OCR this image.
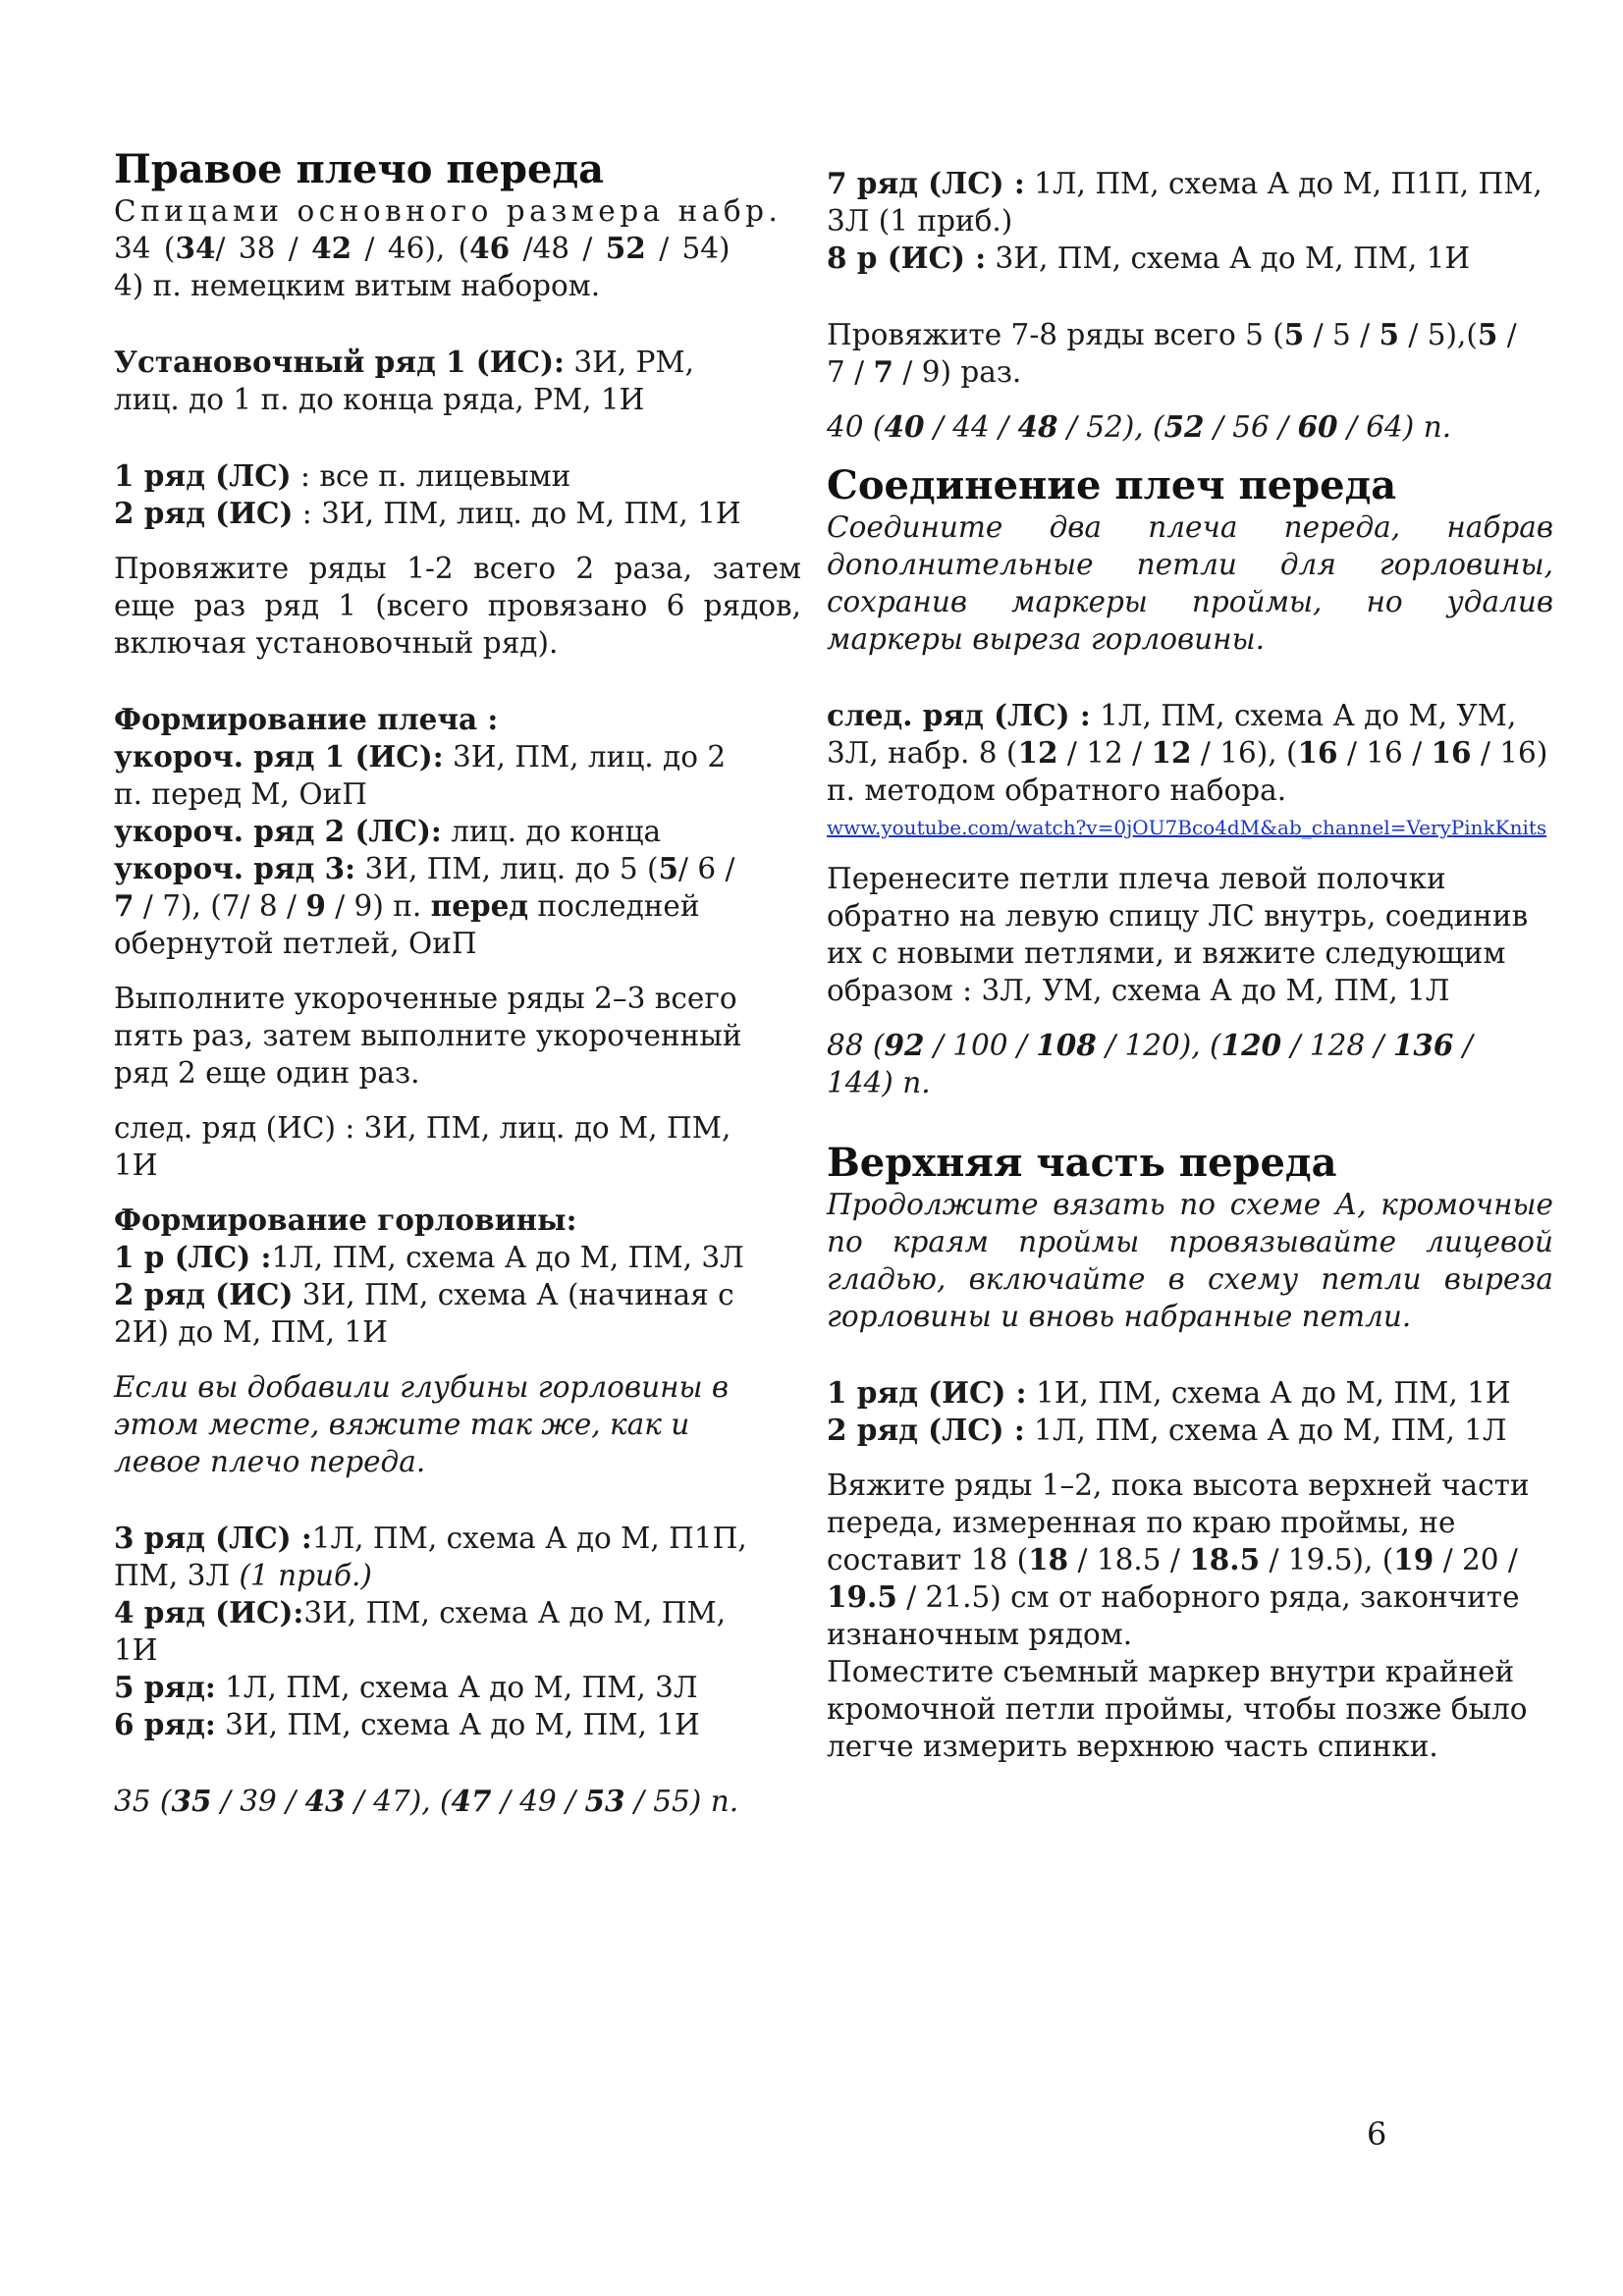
Правое плечо переда

Спицами основного размера набр.

34 (34/ 38 / 42 / 46), (46 /48 / 52 / 54)

4) п. немецким витым набором.

Установочный ряд 1 (ИС): 3И, РМ,

лиц. до 1 п. до конца ряда, РМ, 1И

1 ряд (ЛС) : все п. лицевыми

2 ряд (ИС) : 3И, ПМ, лиц. до М, ПМ, 1И

Провяжите ряды 1-2 всего 2 раза, затем еще раз ряд 1 (всего провязано 6 рядов, включая установочный ряд).

Формирование плеча :

укороч. ряд 1 (ИС): 3И, ПМ, лиц. до 2

п. перед М, ОиП

укороч. ряд 2 (ЛС): лиц. до конца

укороч. ряд 3: 3И, ПМ, лиц. до 5 (5/ 6 /

7 / 7), (7/ 8 / 9 / 9) п. перед последней

обернутой петлей, ОиП

Выполните укороченные ряды 2–3 всего

пять раз, затем выполните укороченный

ряд 2 еще один раз.

след. ряд (ИС) : 3И, ПМ, лиц. до М, ПМ,

1И

Формирование горловины:

1 р (ЛС) :1Л, ПМ, схема А до М, ПМ, 3Л

2 ряд (ИС) 3И, ПМ, схема А (начиная с

2И) до М, ПМ, 1И

Если вы добавили глубины горловины в

этом месте, вяжите так же, как и

левое плечо переда.

3 ряд (ЛС) :1Л, ПМ, схема А до М, П1П,

ПМ, 3Л (1 приб.)

4 ряд (ИС):3И, ПМ, схема А до М, ПМ,

1И

5 ряд: 1Л, ПМ, схема А до М, ПМ, 3Л

6 ряд: 3И, ПМ, схема А до М, ПМ, 1И

35 (35 / 39 / 43 / 47), (47 / 49 / 53 / 55) п.

7 ряд (ЛС) : 1Л, ПМ, схема А до М, П1П, ПМ,

3Л (1 приб.)

8 р (ИС) : 3И, ПМ, схема А до М, ПМ, 1И

Провяжите 7-8 ряды всего 5 (5 / 5 / 5 / 5),(5 /

7 / 7 / 9) раз.

40 (40 / 44 / 48 / 52), (52 / 56 / 60 / 64) п.

Соединение плеч переда

Соедините два плеча переда, набрав дополнительные петли для горловины, сохранив маркеры проймы, но удалив маркеры выреза горловины.

след. ряд (ЛС) : 1Л, ПМ, схема А до М, УМ,

3Л, набр. 8 (12 / 12 / 12 / 16), (16 / 16 / 16 / 16)

п. методом обратного набора.

www.youtube.com/watch?v=0jOU7Bco4dM&ab_channel=VeryPinkKnits

Перенесите петли плеча левой полочки

обратно на левую спицу ЛС внутрь, соединив

их с новыми петлями, и вяжите следующим

образом : 3Л, УМ, схема А до М, ПМ, 1Л

88 (92 / 100 / 108 / 120), (120 / 128 / 136 /

144) п.

Верхняя часть переда

Продолжите вязать по схеме А, кромочные по краям проймы провязывайте лицевой гладью, включайте в схему петли выреза горловины и вновь набранные петли.

1 ряд (ИС) : 1И, ПМ, схема А до М, ПМ, 1И

2 ряд (ЛС) : 1Л, ПМ, схема А до М, ПМ, 1Л

Вяжите ряды 1–2, пока высота верхней части

переда, измеренная по краю проймы, не

составит 18 (18 / 18.5 / 18.5 / 19.5), (19 / 20 /

19.5 / 21.5) см от наборного ряда, закончите

изнаночным рядом.

Поместите съемный маркер внутри крайней

кромочной петли проймы, чтобы позже было

легче измерить верхнюю часть спинки.

6
